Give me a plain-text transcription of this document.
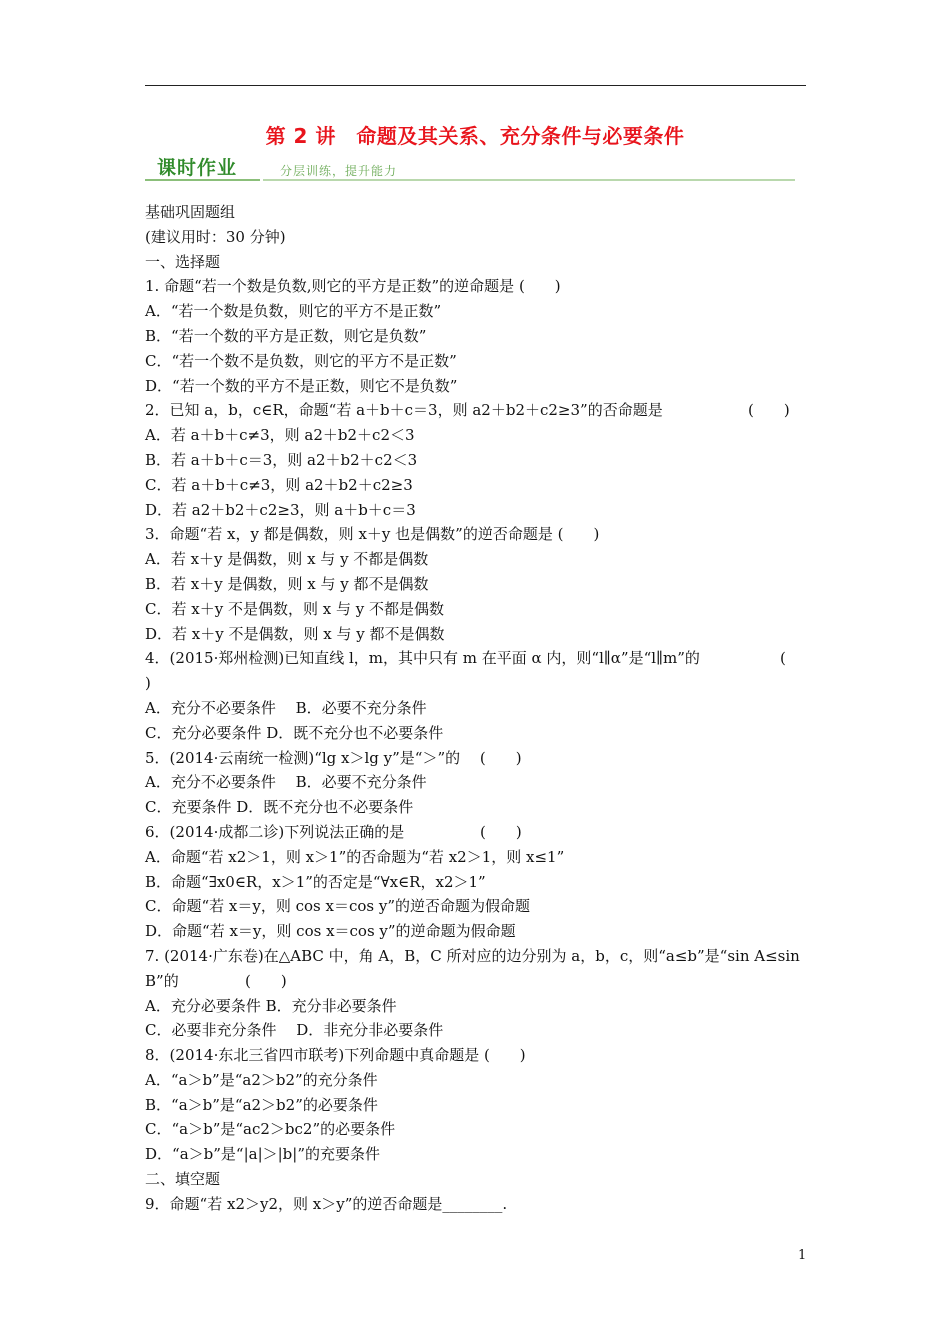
第 2 讲　命题及其关系、充分条件与必要条件
课时作业	分层训练，提升能力
基础巩固题组
(建议用时：30 分钟)
一、选择题
1. 命题“若一个数是负数,则它的平方是正数”的逆命题是 (　　)
A．“若一个数是负数，则它的平方不是正数”
B．“若一个数的平方是正数，则它是负数”
C．“若一个数不是负数，则它的平方不是正数”
D．“若一个数的平方不是正数，则它不是负数”
2．已知 a，b，c∈R，命题“若 a＋b＋c＝3，则 a2＋b2＋c2≥3”的否命题是	(　　)
A．若 a＋b＋c≠3，则 a2＋b2＋c2＜3
B．若 a＋b＋c＝3，则 a2＋b2＋c2＜3
C．若 a＋b＋c≠3，则 a2＋b2＋c2≥3
D．若 a2＋b2＋c2≥3，则 a＋b＋c＝3
3．命题“若 x，y 都是偶数，则 x＋y 也是偶数”的逆否命题是 (　　)
A．若 x＋y 是偶数，则 x 与 y 不都是偶数
B．若 x＋y 是偶数，则 x 与 y 都不是偶数
C．若 x＋y 不是偶数，则 x 与 y 不都是偶数
D．若 x＋y 不是偶数，则 x 与 y 都不是偶数
4．(2015·郑州检测)已知直线 l，m，其中只有 m 在平面 α 内，则“l∥α”是“l∥m”的	(
)
A．充分不必要条件　 B．必要不充分条件
C．充分必要条件 D．既不充分也不必要条件
5．(2014·云南统一检测)“lg x＞lg y”是“＞”的　 (　　)
A．充分不必要条件　 B．必要不充分条件
C．充要条件 D．既不充分也不必要条件
6．(2014·成都二诊)下列说法正确的是	(　　)
A．命题“若 x2＞1，则 x＞1”的否命题为“若 x2＞1，则 x≤1”
B．命题“∃x0∈R，x＞1”的否定是“∀x∈R，x2＞1”
C．命题“若 x＝y，则 cos x＝cos y”的逆否命题为假命题
D．命题“若 x＝y，则 cos x＝cos y”的逆命题为假命题
7. (2014·广东卷)在△ABC 中，角 A，B，C 所对应的边分别为 a，b，c，则“a≤b”是“sin A≤sin
B”的	(　　)
A．充分必要条件 B．充分非必要条件
C．必要非充分条件　 D．非充分非必要条件
8．(2014·东北三省四市联考)下列命题中真命题是 (　　)
A．“a＞b”是“a2＞b2”的充分条件
B．“a＞b”是“a2＞b2”的必要条件
C．“a＞b”是“ac2＞bc2”的必要条件
D．“a＞b”是“|a|＞|b|”的充要条件
二、填空题
9．命题“若 x2＞y2，则 x＞y”的逆否命题是________.
1
